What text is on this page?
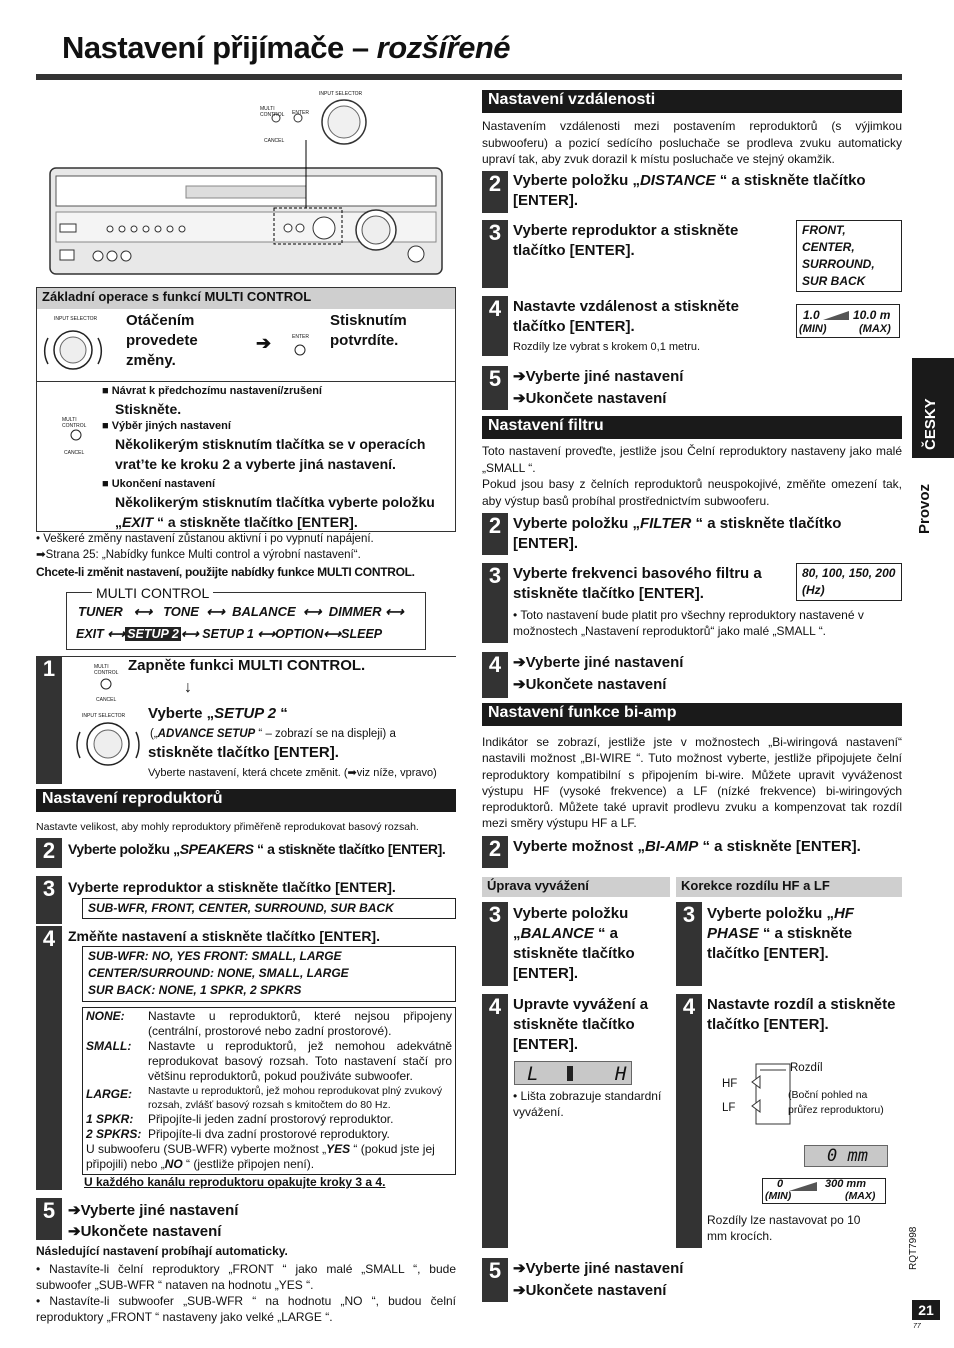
Nastavení přijímače – rozšířené
INPUT SELECTOR
MULTI CONTROL	ENTER
CANCEL
Základní operace s funkcí MULTI CONTROL
INPUT SELECTOR Otáčením provedete změny.
➔	ENTER
Stisknutím potvrdíte.
MULTI CONTROL
CANCEL
■ Návrat k předchozímu nastavení/zrušení
Stiskněte.
■ Výběr jiných nastavení
Několikerým stisknutím tlačítka se v operacích vrat’te ke kroku 2 a vyberte jiná nastavení.
■ Ukončení nastavení
Několikerým stisknutím tlačítka vyberte položku „EXIT “ a stiskněte tlačítko [ENTER].
• Veškeré změny nastavení zůstanou aktivní i po vypnutí napájení.
➡Strana 25: „Nabídky funkce Multi control a výrobní nastavení“.
Chcete-li změnit nastavení, použijte nabídky funkce MULTI CONTROL.
MULTI CONTROL
TUNER   ⟷   TONE  ⟷  BALANCE  ⟷  DIMMER ⟷
EXIT ⟷ SETUP 2 ⟷ SETUP 1 ⟷OPTION⟷SLEEP
1	MULTI CONTROL
CANCEL
INPUT SELECTOR
Zapněte funkci MULTI CONTROL.
↓
Vyberte „SETUP 2 “
(„ADVANCE SETUP “ – zobrazí se na displeji) a
stiskněte tlačítko [ENTER].
Vyberte nastavení, která chcete změnit. (➡viz níže, vpravo)
Nastavení reproduktorů
Nastavte velikost, aby mohly reproduktory přiměřeně reprodukovat basový rozsah.
2 Vyberte položku „SPEAKERS “ a stiskněte tlačítko [ENTER].
3 Vyberte reproduktor a stiskněte tlačítko [ENTER].
SUB-WFR, FRONT, CENTER, SURROUND, SUR BACK
4 Změňte nastavení a stiskněte tlačítko [ENTER].
SUB-WFR: NO, YES FRONT: SMALL, LARGE
CENTER/SURROUND: NONE, SMALL, LARGE
SUR BACK: NONE, 1 SPKR, 2 SPKRS
NONE:	Nastavte u reproduktorů, které nejsou připojeny (centrální, prostorové nebo zadní prostorové).
SMALL:	Nastavte u reproduktorů, jež nemohou adekvátně reprodukovat basový rozsah. Toto nastavení stačí pro většinu reproduktorů, pokud použiváte subwoofer.
LARGE:	Nastavte u reproduktorů, jež mohou reprodukovat plný zvukový rozsah, zvlášť basový rozsah s kmitočtem do 80 Hz.
1 SPKR:	Připojíte-li jeden zadní prostorový reproduktor.
2 SPKRS:	Připojíte-li dva zadní prostorové reproduktory.
U subwooferu (SUB-WFR) vyberte možnost „YES “ (pokud jste jej připojili) nebo „NO “ (jestliže připojen není).
U každého kanálu reproduktoru opakujte kroky 3 a 4.
5 ➔Vyberte jiné nastavení
➔Ukončete nastavení
Následující nastavení probíhají automaticky.
• Nastavíte-li čelní reproduktory „FRONT “ jako malé „SMALL “, bude subwoofer „SUB-WFR “ nataven na hodnotu „YES “.
• Nastavíte-li subwoofer „SUB-WFR “ na hodnotu „NO “, budou čelní reproduktory „FRONT “ nastaveny jako velké „LARGE “.
Nastavení vzdálenosti
Nastavením vzdálenosti mezi postavením reproduktorů (s výjimkou subwooferu) a pozicí sedícího posluchače se prodleva zvuku automaticky upraví tak, aby zvuk dorazil k místu posluchače ve stejný okamžik.
2 Vyberte položku „DISTANCE “ a stiskněte tlačítko [ENTER].
3 Vyberte reproduktor a stiskněte tlačítko [ENTER].
FRONT, CENTER, SURROUND, SUR BACK
4 Nastavte vzdálenost a stiskněte tlačítko [ENTER].
Rozdíly lze vybrat s krokem 0,1 metru.
1.0	10.0 m
(MIN)	(MAX)
5 ➔Vyberte jiné nastavení
➔Ukončete nastavení
Nastavení filtru
Toto nastavení proveďte, jestliže jsou Čelní reproduktory nastaveny jako malé „SMALL “.
Pokud jsou basy z čelních reproduktorů neuspokojivé, změňte omezení tak, aby výstup basů probíhal prostřednictvím subwooferu.
2 Vyberte položku „FILTER “ a stiskněte tlačítko [ENTER].
3 Vyberte frekvenci basového filtru a stiskněte tlačítko [ENTER].
80, 100, 150, 200 (Hz)
• Toto nastavení bude platit pro všechny reproduktory nastavené v možnostech „Nastavení reproduktorů“ jako malé „SMALL “.
4 ➔Vyberte jiné nastavení
➔Ukončete nastavení
Nastavení funkce bi-amp
Indikátor se zobrazí, jestliže jste v možnostech „Bi-wiringová nastavení“ nastavili možnost „BI-WIRE “. Tuto možnost vyberte, jestliže připojujete čelní reproduktory kompatibilní s připojením bi-wire. Můžete upravit vyváženost výstupu HF (vysoké frekvence) a LF (nízké frekvence) bi-wiringových reproduktorů. Můžete také upravit prodlevu zvuku a kompenzovat tak rozdíl mezi směry výstupu HF a LF.
2 Vyberte možnost „BI-AMP “ a stiskněte [ENTER].
Úprava vyvážení	Korekce rozdílu HF a LF
3 Vyberte položku „BALANCE “ a stiskněte tlačítko [ENTER].
3 Vyberte položku „HF PHASE “ a stiskněte tlačítko [ENTER].
4 Upravte vyvážení a stiskněte tlačítko [ENTER].
L	H
• Lišta zobrazuje standardní vyvážení.
4 Nastavte rozdíl a stiskněte tlačítko [ENTER].
Rozdíl
HF
LF
(Boční pohled na průřez reproduktoru)
0 mm
0	300 mm
(MIN)	(MAX)
Rozdíly lze nastavovat po 10 mm krocích.
5 ➔Vyberte jiné nastavení
➔Ukončete nastavení
ČESKY
Provoz
RQT7998
21
77
